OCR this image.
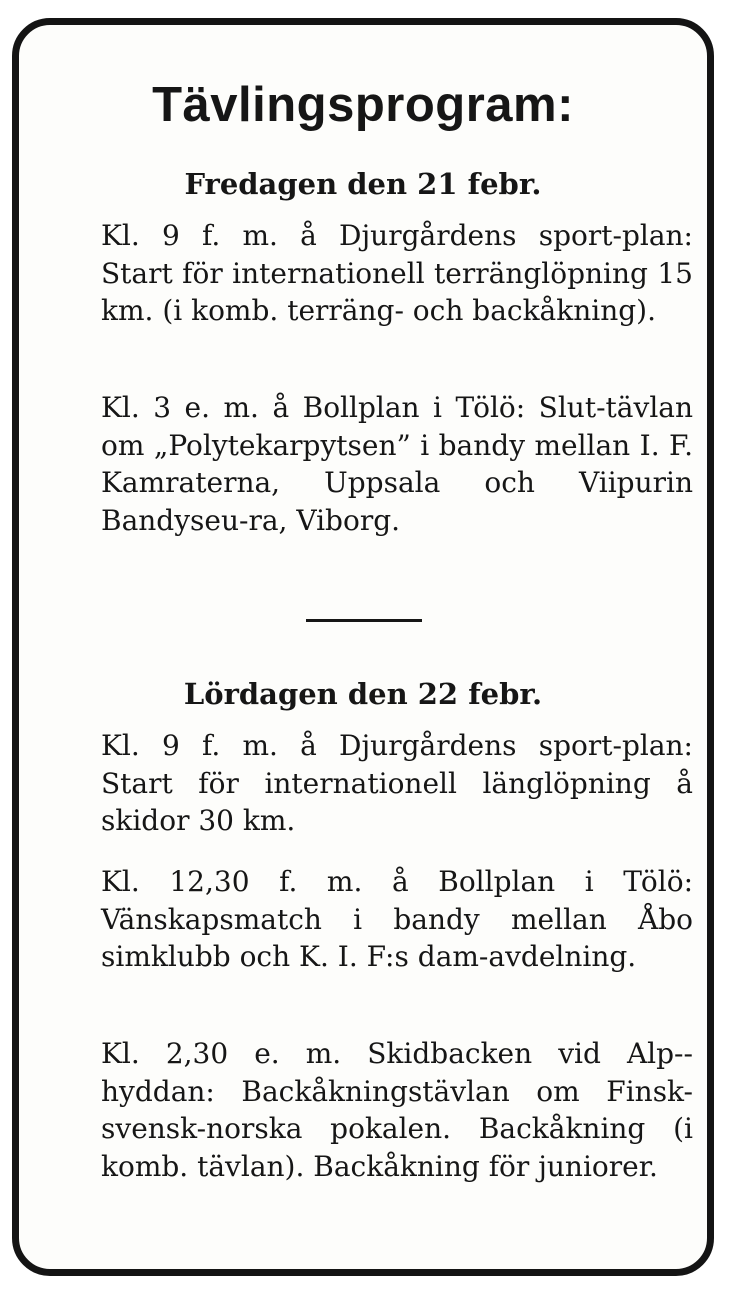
Tävlingsprogram:
Fredagen den 21 febr.
Kl. 9 f. m. å Djurgårdens sport-plan: Start för internationell terränglöpning 15 km. (i komb. terräng- och backåkning).
Kl. 3 e. m. å Bollplan i Tölö: Slut-tävlan om „Polytekarpytsen” i bandy mellan I. F. Kamraterna, Uppsala och Viipurin Bandyseu-ra, Viborg.
Lördagen den 22 febr.
Kl. 9 f. m. å Djurgårdens sport-plan: Start för internationell länglöpning å skidor 30 km.
Kl. 12,30 f. m. å Bollplan i Tölö: Vänskapsmatch i bandy mellan Åbo simklubb och K. I. F:s dam-avdelning.
Kl. 2,30 e. m. Skidbacken vid Alp-hyddan: Backåkningstävlan om Finsk-svensk-norska pokalen. Backåkning (i komb. tävlan). Backåkning för juniorer.
